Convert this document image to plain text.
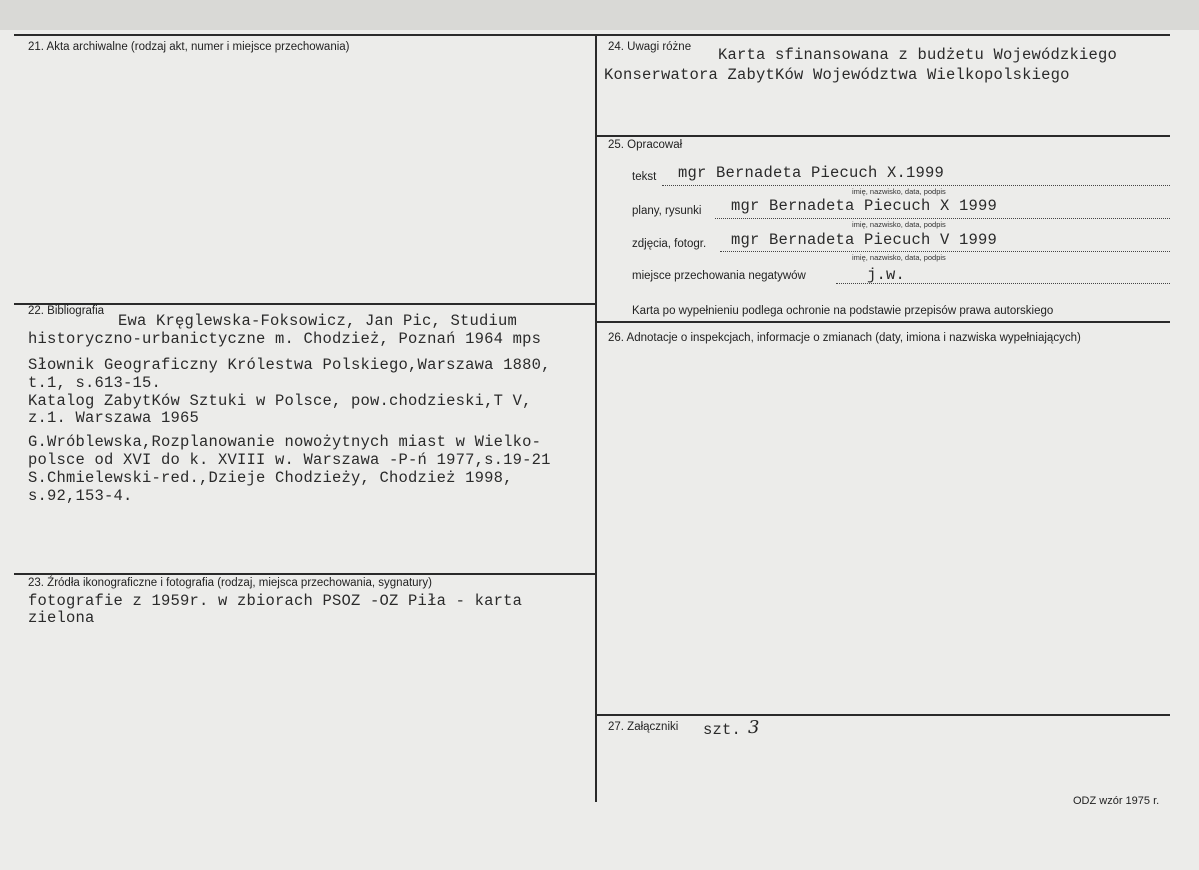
21. Akta archiwalne (rodzaj akt, numer i miejsce przechowania)
22. Bibliografia
Ewa Kręglewska-Foksowicz, Jan Pic, Studium
historyczno-urbanictyczne m. Chodzież, Poznań 1964 mps
Słownik Geograficzny Królestwa Polskiego,Warszawa 1880,
t.1, s.613-15.
Katalog ZabytKów Sztuki w Polsce, pow.chodzieski,T V,
z.1. Warszawa 1965
G.Wróblewska,Rozplanowanie nowożytnych miast w Wielko-
polsce od XVI do k. XVIII w. Warszawa -P-ń 1977,s.19-21
S.Chmielewski-red.,Dzieje Chodzieży, Chodzież 1998,
s.92,153-4.
23. Źródła ikonograficzne i fotografia (rodzaj, miejsca przechowania, sygnatury)
fotografie z 1959r. w zbiorach PSOZ -OZ Piła - karta
zielona
24. Uwagi różne Karta sfinansowana z budżetu Wojewódzkiego
Konserwatora ZabytKów Województwa Wielkopolskiego
25. Opracował
tekst mgr Bernadeta Piecuch X.1999
imię, nazwisko, data, podpis
plany, rysunki mgr Bernadeta Piecuch X 1999
imię, nazwisko, data, podpis
zdjęcia, fotogr. mgr Bernadeta Piecuch V 1999
imię, nazwisko, data, podpis
miejsce przechowania negatywów	j.w.
Karta po wypełnieniu podlega ochronie na podstawie przepisów prawa autorskiego
26. Adnotacje o inspekcjach, informacje o zmianach (daty, imiona i nazwiska wypełniających)
27. Załączniki szt. 3
ODZ wzór 1975 r.
